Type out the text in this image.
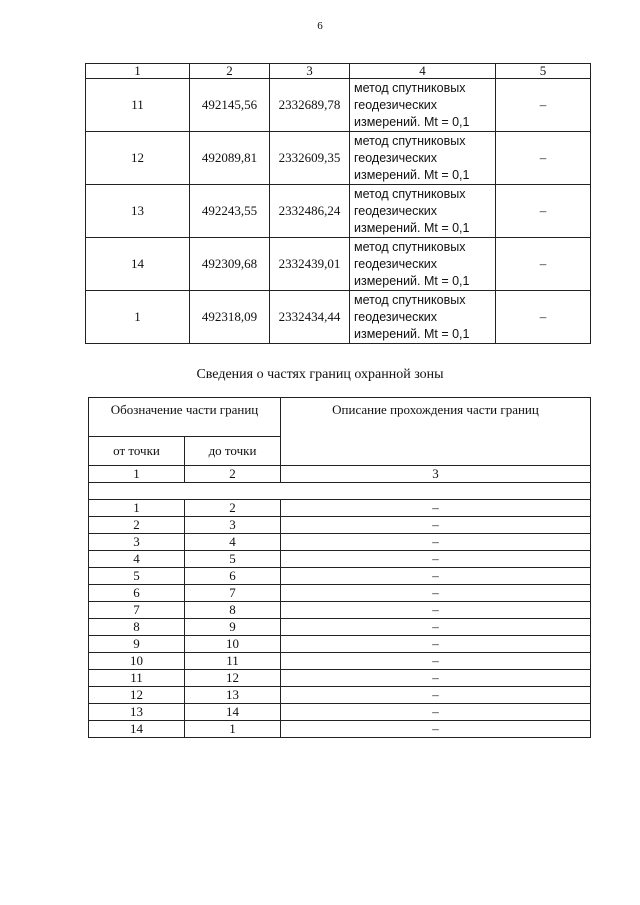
6
1	2	3	4	5
11	492145,56	2332689,78	метод спутниковых
геодезических
измерений. Mt = 0,1	–
12	492089,81	2332609,35	метод спутниковых
геодезических
измерений. Mt = 0,1	–
13	492243,55	2332486,24	метод спутниковых
геодезических
измерений. Mt = 0,1	–
14	492309,68	2332439,01	метод спутниковых
геодезических
измерений. Mt = 0,1	–
1	492318,09	2332434,44	метод спутниковых
геодезических
измерений. Mt = 0,1	–
Сведения о частях границ охранной зоны
Обозначение части границ		Описание прохождения части границ
от точки	до точки	
1	2	3

1	2	–
2	3	–
3	4	–
4	5	–
5	6	–
6	7	–
7	8	–
8	9	–
9	10	–
10	11	–
11	12	–
12	13	–
13	14	–
14	1	–
